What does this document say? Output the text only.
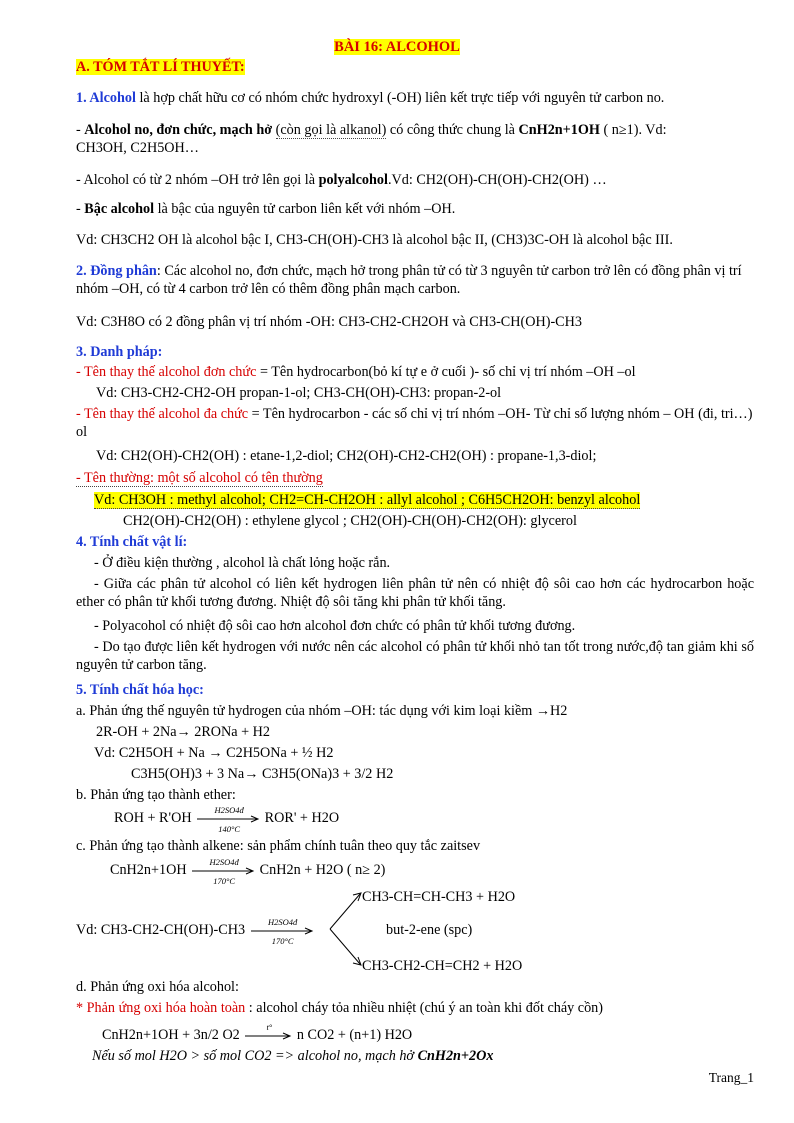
BÀI 16: ALCOHOL
A. TÓM TẮT LÍ THUYẾT:
1. Alcohol là hợp chất hữu cơ có nhóm chức hydroxyl (-OH) liên kết trực tiếp với nguyên tử carbon no.
- Alcohol no, đơn chức, mạch hở (còn gọi là alkanol) có công thức chung là CnH2n+1OH ( n≥1). Vd:
CH3OH, C2H5OH…
- Alcohol có từ 2 nhóm –OH trở lên gọi là polyalcohol.Vd: CH2(OH)-CH(OH)-CH2(OH) …
- Bậc alcohol là bậc của nguyên tử carbon liên kết với nhóm –OH.
Vd: CH3CH2 OH là alcohol bậc I, CH3-CH(OH)-CH3 là alcohol bậc II, (CH3)3C-OH là alcohol bậc III.
2. Đồng phân: Các alcohol no, đơn chức, mạch hở trong phân tử có từ 3 nguyên tử carbon trở lên có đồng phân vị trí nhóm –OH, có từ 4 carbon trở lên có thêm đồng phân mạch carbon.
Vd: C3H8O có 2 đồng phân vị trí nhóm -OH: CH3-CH2-CH2OH và CH3-CH(OH)-CH3
3. Danh pháp:
- Tên thay thế alcohol đơn chức = Tên hydrocarbon(bỏ kí tự e ở cuối )- số chỉ vị trí nhóm –OH –ol
Vd: CH3-CH2-CH2-OH propan-1-ol; CH3-CH(OH)-CH3: propan-2-ol
- Tên thay thế alcohol đa chức = Tên hydrocarbon - các số chỉ vị trí nhóm –OH- Từ chỉ số lượng nhóm – OH (đi, tri…) ol
Vd: CH2(OH)-CH2(OH) : etane-1,2-diol; CH2(OH)-CH2-CH2(OH) : propane-1,3-diol;
- Tên thường: một số alcohol có tên thường
Vd: CH3OH : methyl alcohol; CH2=CH-CH2OH : allyl alcohol ; C6H5CH2OH: benzyl alcohol
CH2(OH)-CH2(OH) : ethylene glycol ; CH2(OH)-CH(OH)-CH2(OH): glycerol
4. Tính chất vật lí:
- Ở điều kiện thường , alcohol là chất lỏng hoặc rắn.
- Giữa các phân tử alcohol có liên kết hydrogen liên phân tử nên có nhiệt độ sôi cao hơn các hydrocarbon hoặc ether có phân tử khối tương đương. Nhiệt độ sôi tăng khi phân tử khối tăng.
- Polyacohol có nhiệt độ sôi cao hơn alcohol đơn chức có phân tử khối tương đương.
- Do tạo được liên kết hydrogen với nước nên các alcohol có phân tử khối nhỏ tan tốt trong nước,độ tan giảm khi số nguyên tử carbon tăng.
5. Tính chất hóa học:
a. Phản ứng thế nguyên tử hydrogen của nhóm –OH: tác dụng với kim loại kiềm →H2
2R-OH + 2Na→ 2RONa + H2
Vd: C2H5OH + Na → C2H5ONa + ½ H2
C3H5(OH)3 + 3 Na→ C3H5(ONa)3 + 3/2 H2
b. Phản ứng tạo thành ether:
ROH + R'OH
H2SO4đ
140°C
ROR' + H2O
c. Phản ứng tạo thành alkene: sản phẩm chính tuân theo quy tắc zaitsev
CnH2n+1OH
H2SO4đ
170°C
CnH2n + H2O ( n≥ 2)
CH3-CH=CH-CH3 + H2O
Vd: CH3-CH2-CH(OH)-CH3
H2SO4đ
170°C
but-2-ene (spc)
CH3-CH2-CH=CH2 + H2O
d. Phản ứng oxi hóa alcohol:
* Phản ứng oxi hóa hoàn toàn : alcohol cháy tỏa nhiều nhiệt (chú ý an toàn khi đốt cháy cồn)
CnH2n+1OH + 3n/2 O2
t°
n CO2 + (n+1) H2O
Nếu số mol H2O > số mol CO2 => alcohol no, mạch hở CnH2n+2Ox
Trang_1
